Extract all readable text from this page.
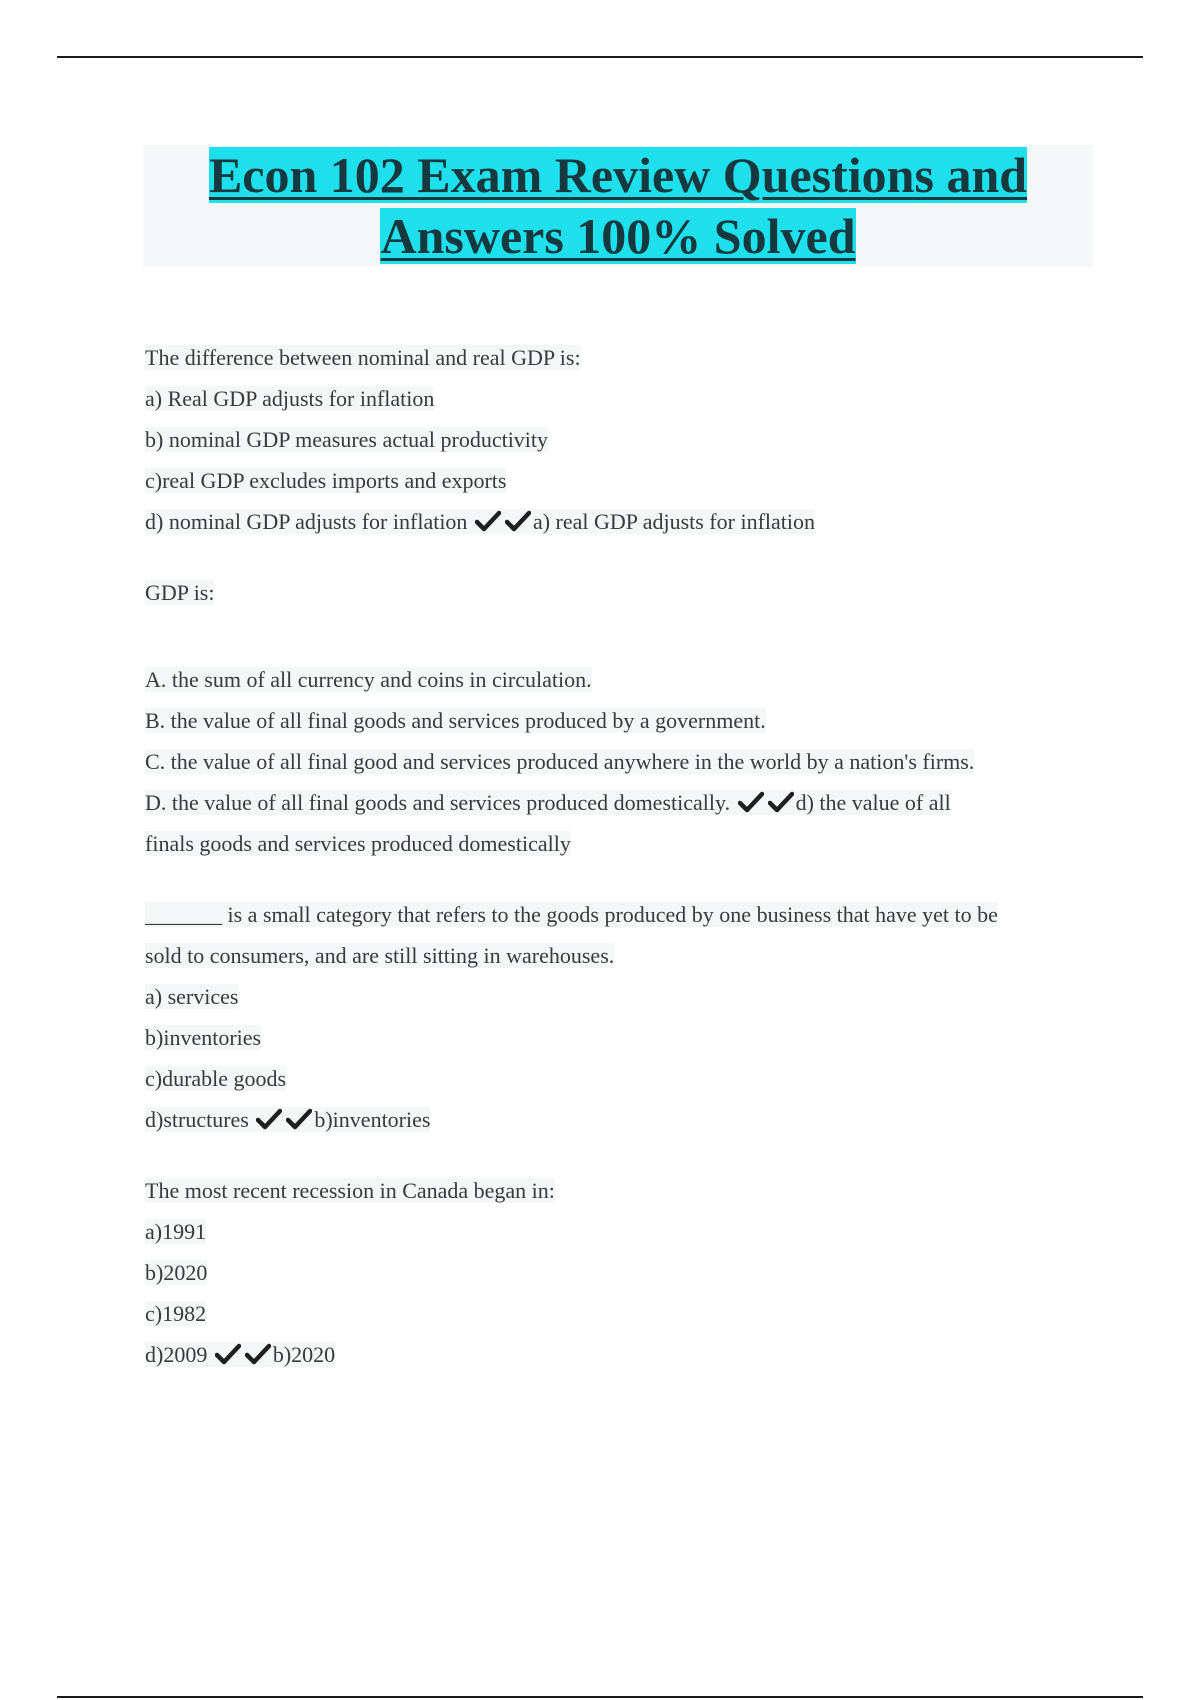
Econ 102 Exam Review Questions and
Answers 100% Solved
The difference between nominal and real GDP is:
a) Real GDP adjusts for inflation
b) nominal GDP measures actual productivity
c)real GDP excludes imports and exports
d) nominal GDP adjusts for inflation	a) real GDP adjusts for inflation
GDP is:
A. the sum of all currency and coins in circulation.
B. the value of all final goods and services produced by a government.
C. the value of all final good and services produced anywhere in the world by a nation's firms.
D. the value of all final goods and services produced domestically.	d) the value of all
finals goods and services produced domestically
_______ is a small category that refers to the goods produced by one business that have yet to be
sold to consumers, and are still sitting in warehouses.
a) services
b)inventories
c)durable goods
d)structures	b)inventories
The most recent recession in Canada began in:
a)1991
b)2020
c)1982
d)2009	b)2020
